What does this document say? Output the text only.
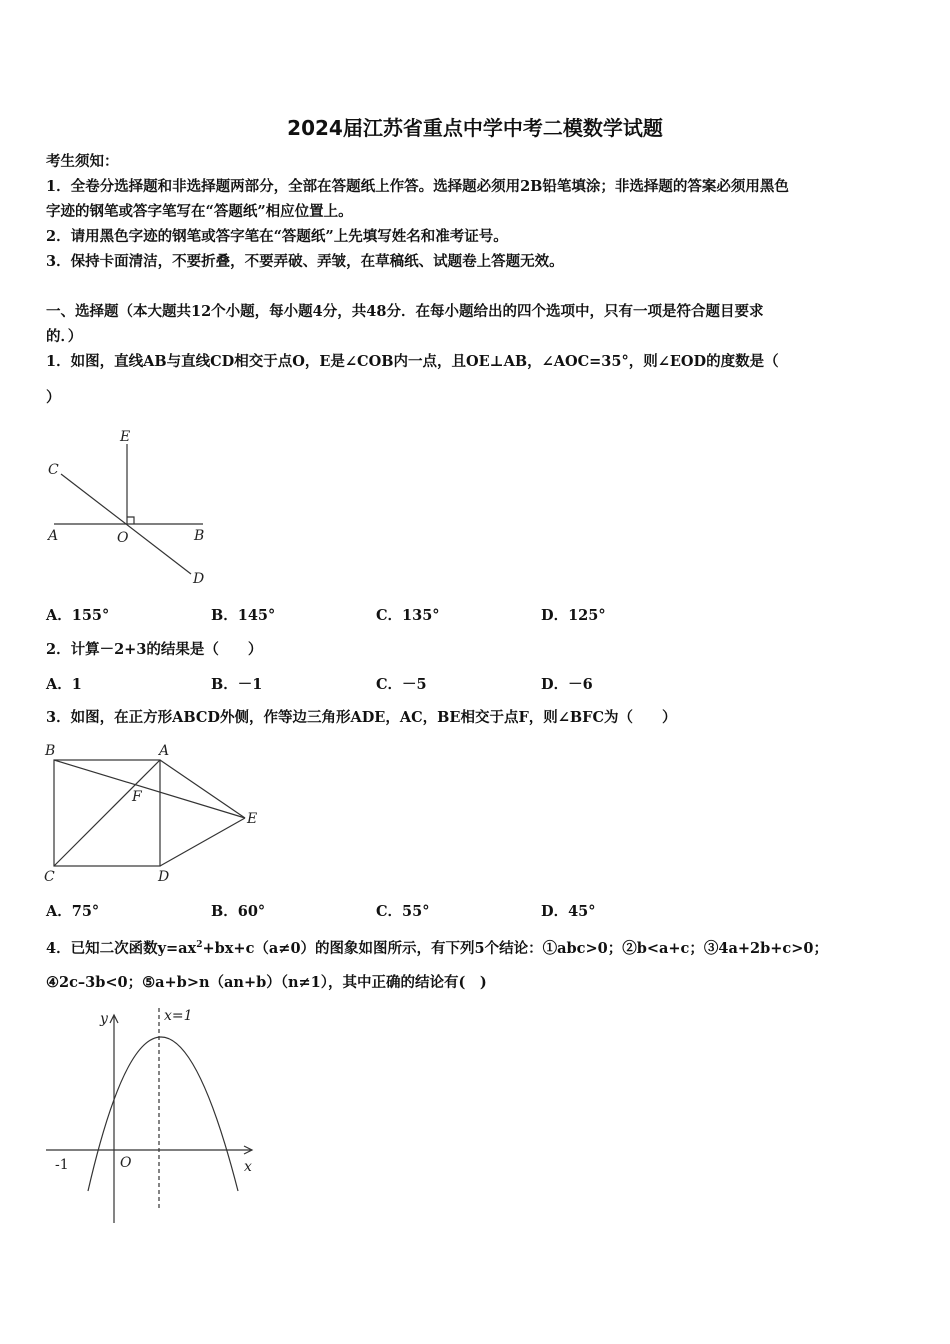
2024届江苏省重点中学中考二模数学试题
考生须知：
1．全卷分选择题和非选择题两部分，全部在答题纸上作答。选择题必须用2B铅笔填涂；非选择题的答案必须用黑色
字迹的钢笔或答字笔写在“答题纸”相应位置上。
2．请用黑色字迹的钢笔或答字笔在“答题纸”上先填写姓名和准考证号。
3．保持卡面清洁，不要折叠，不要弄破、弄皱，在草稿纸、试题卷上答题无效。
一、选择题（本大题共12个小题，每小题4分，共48分．在每小题给出的四个选项中，只有一项是符合题目要求
的．）
1．如图，直线AB与直线CD相交于点O，E是∠COB内一点，且OE⊥AB，∠AOC=35°，则∠EOD的度数是（
）
E
C
A	O	B
D
A．155°	B．145°	C．135°	D．125°
2．计算－2+3的结果是（　　）
A．1	B．－1	C．－5	D．－6
3．如图，在正方形ABCD外侧，作等边三角形ADE，AC，BE相交于点F，则∠BFC为（　　）
B	A
F
E
C	D
A．75°	B．60°	C．55°	D．45°
4．已知二次函数$y=ax^2+bx+c(a\ne 0)$的图象如图所示，有下列5个结论：①abc>0；②b<a+c；③4a+2b+c>0；
④2c–3b<0；⑤a+b>n（an+b）（n≠1），其中正确的结论有(　)
y	x=1
-1	O	x
